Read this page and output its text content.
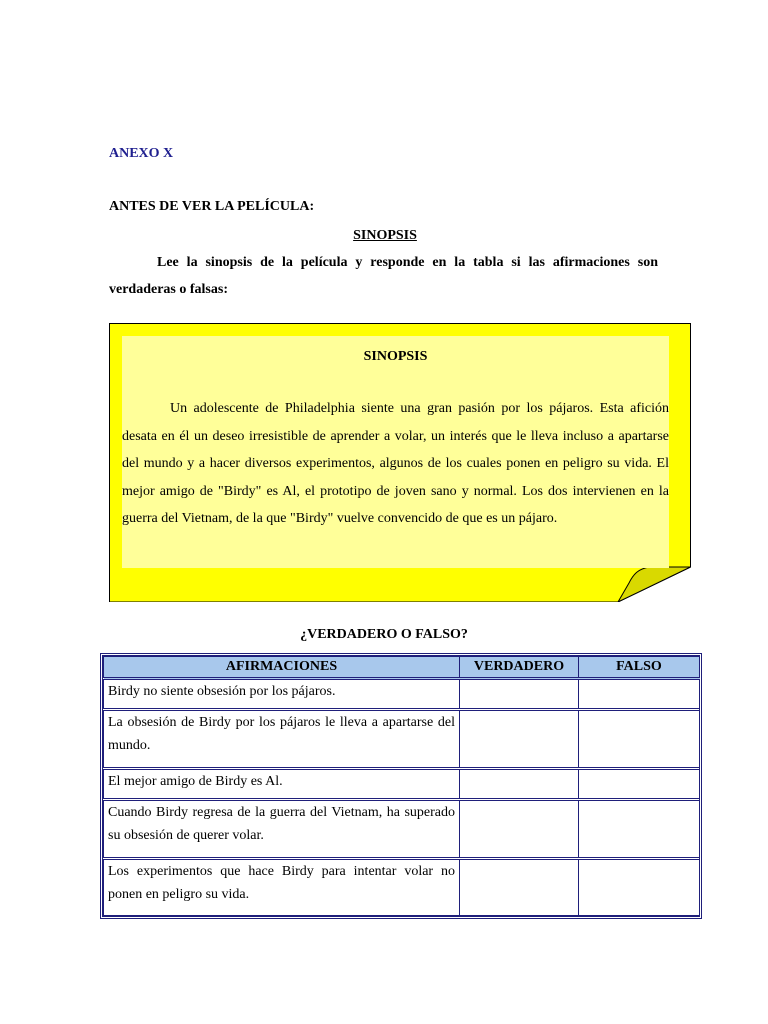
ANEXO X
ANTES DE VER LA PELÍCULA:
SINOPSIS

Lee la sinopsis de la película y responde en la tabla si las afirmaciones son verdaderas o falsas:

SINOPSIS

Un adolescente de Philadelphia siente una gran pasión por los pájaros. Esta afición desata en él un deseo irresistible de aprender a volar, un interés que le lleva incluso a apartarse del mundo y a hacer diversos experimentos, algunos de los cuales ponen en peligro su vida. El mejor amigo de "Birdy" es Al, el prototipo de joven sano y normal. Los dos intervienen en la guerra del Vietnam, de la que "Birdy" vuelve convencido de que es un pájaro.

¿VERDADERO O FALSO?

AFIRMACIONES	VERDADERO	FALSO
Birdy no siente obsesión por los pájaros.		
La obsesión de Birdy por los pájaros le lleva a apartarse del mundo.		
El mejor amigo de Birdy es Al.		
Cuando Birdy regresa de la guerra del Vietnam, ha superado su obsesión de querer volar.		
Los experimentos que hace Birdy para intentar volar no ponen en peligro su vida.		
